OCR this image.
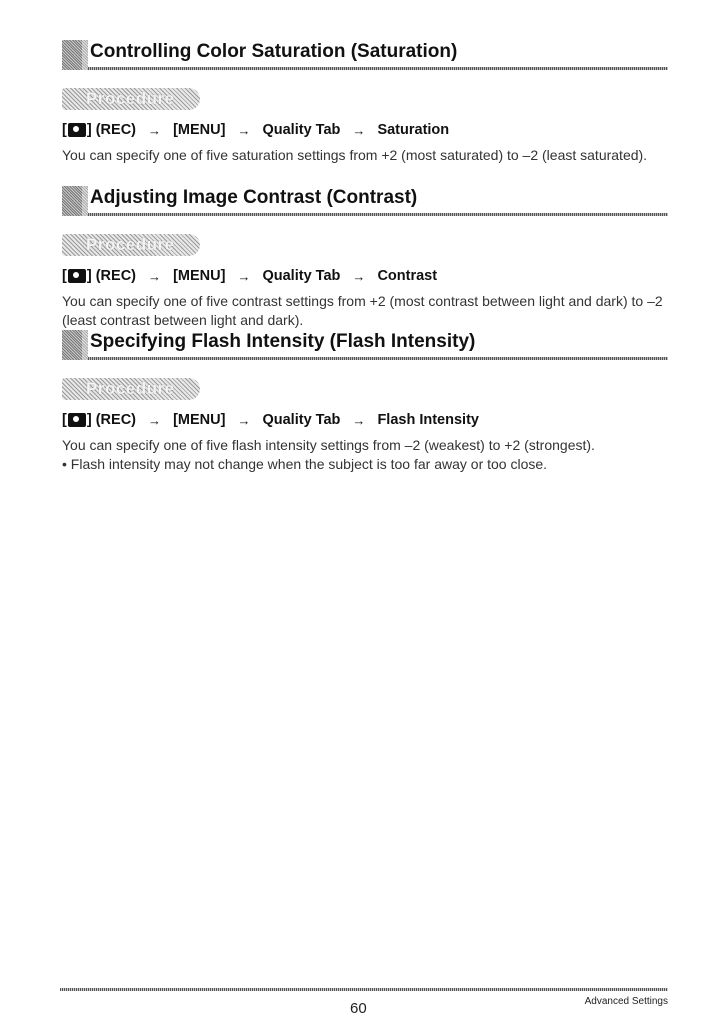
Controlling Color Saturation (Saturation)
Procedure
[ ] (REC) → [MENU] → Quality Tab → Saturation
You can specify one of five saturation settings from +2 (most saturated) to –2 (least saturated).
Adjusting Image Contrast (Contrast)
Procedure
[ ] (REC) → [MENU] → Quality Tab → Contrast
You can specify one of five contrast settings from +2 (most contrast between light and dark) to –2 (least contrast between light and dark).
Specifying Flash Intensity (Flash Intensity)
Procedure
[ ] (REC) → [MENU] → Quality Tab → Flash Intensity
You can specify one of five flash intensity settings from –2 (weakest) to +2 (strongest).
• Flash intensity may not change when the subject is too far away or too close.
60	Advanced Settings
